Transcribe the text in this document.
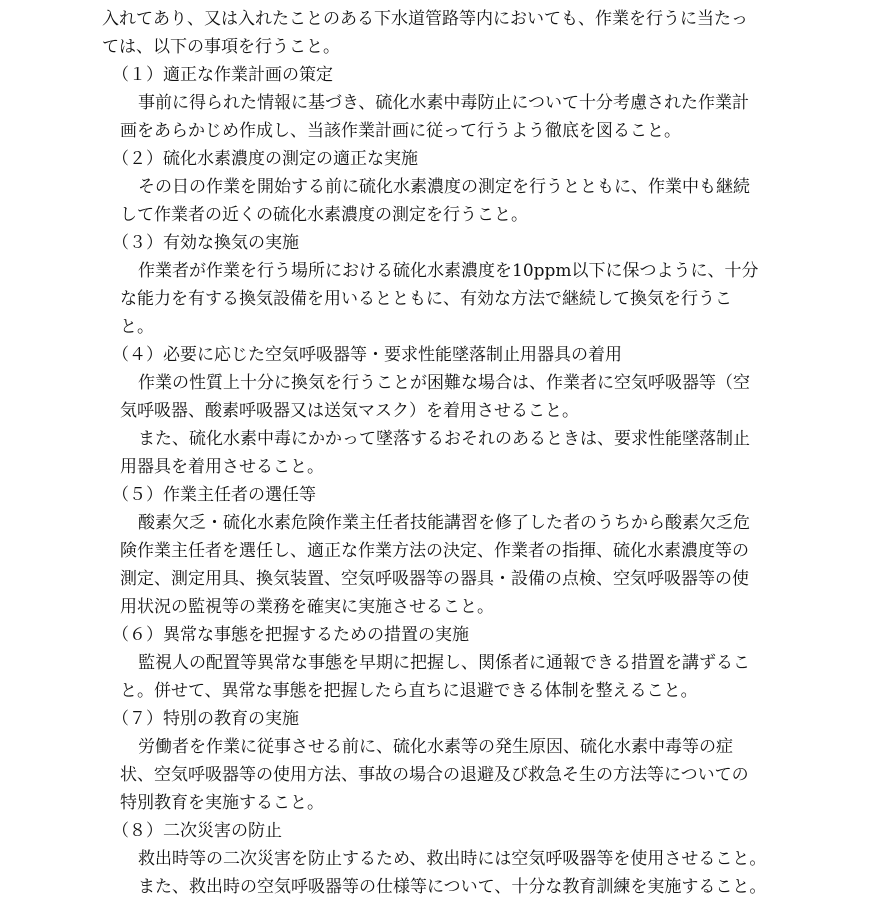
入れてあり、又は入れたことのある下水道管路等内においても、作業を行うに当たっ

ては、以下の事項を行うこと。

（１）適正な作業計画の策定

事前に得られた情報に基づき、硫化水素中毒防止について十分考慮された作業計

画をあらかじめ作成し、当該作業計画に従って行うよう徹底を図ること。

（２）硫化水素濃度の測定の適正な実施

その日の作業を開始する前に硫化水素濃度の測定を行うとともに、作業中も継続

して作業者の近くの硫化水素濃度の測定を行うこと。

（３）有効な換気の実施

作業者が作業を行う場所における硫化水素濃度を10ppm以下に保つように、十分

な能力を有する換気設備を用いるとともに、有効な方法で継続して換気を行うこ

と。

（４）必要に応じた空気呼吸器等・要求性能墜落制止用器具の着用

作業の性質上十分に換気を行うことが困難な場合は、作業者に空気呼吸器等（空

気呼吸器、酸素呼吸器又は送気マスク）を着用させること。

また、硫化水素中毒にかかって墜落するおそれのあるときは、要求性能墜落制止

用器具を着用させること。

（５）作業主任者の選任等

酸素欠乏・硫化水素危険作業主任者技能講習を修了した者のうちから酸素欠乏危

険作業主任者を選任し、適正な作業方法の決定、作業者の指揮、硫化水素濃度等の

測定、測定用具、換気装置、空気呼吸器等の器具・設備の点検、空気呼吸器等の使

用状況の監視等の業務を確実に実施させること。

（６）異常な事態を把握するための措置の実施

監視人の配置等異常な事態を早期に把握し、関係者に通報できる措置を講ずるこ

と。併せて、異常な事態を把握したら直ちに退避できる体制を整えること。

（７）特別の教育の実施

労働者を作業に従事させる前に、硫化水素等の発生原因、硫化水素中毒等の症

状、空気呼吸器等の使用方法、事故の場合の退避及び救急そ生の方法等についての

特別教育を実施すること。

（８）二次災害の防止

救出時等の二次災害を防止するため、救出時には空気呼吸器等を使用させること。

また、救出時の空気呼吸器等の仕様等について、十分な教育訓練を実施すること。
